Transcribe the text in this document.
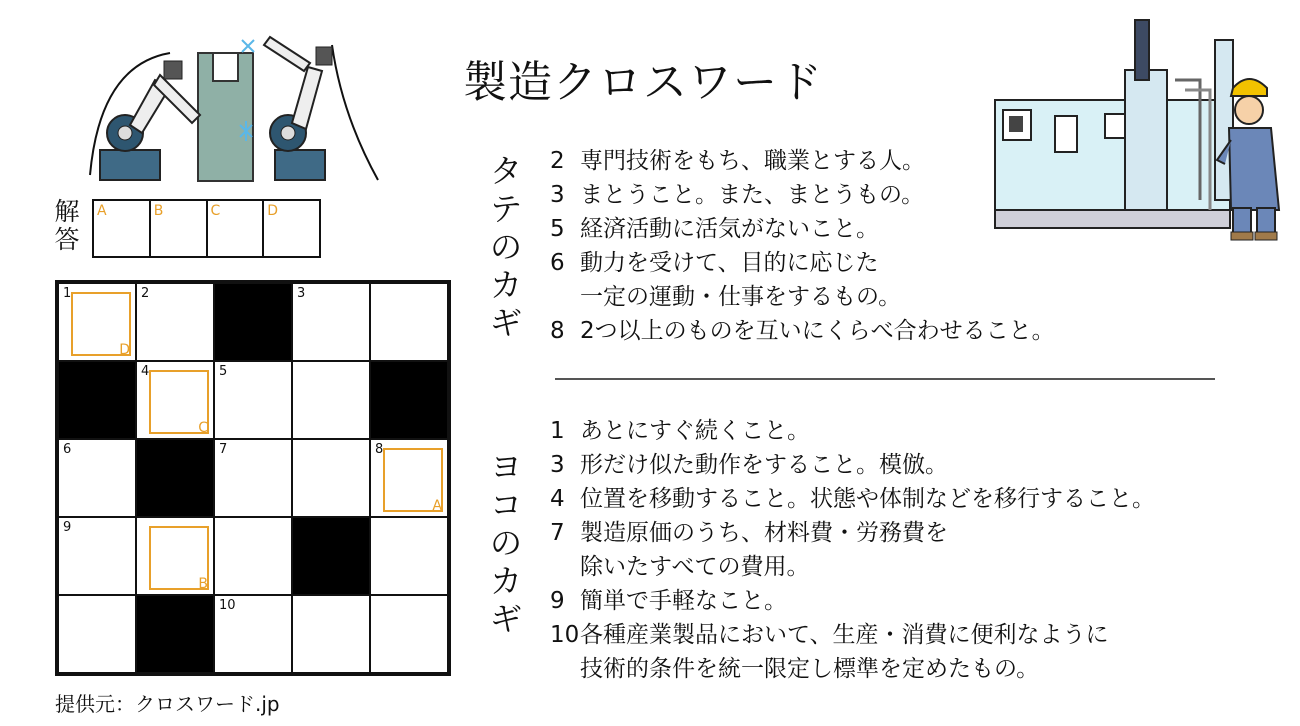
製造クロスワード
解
答
A	B	C	D
1
D
2	3
4
C
5
6	7	8
A
9
B
10
タ
テ
の
カ
ギ
2 専門技術をもち、職業とする人。
3 まとうこと。また、まとうもの。
5 経済活動に活気がないこと。
6 動力を受けて、目的に応じた
一定の運動・仕事をするもの。
8 2つ以上のものを互いにくらべ合わせること。
ヨ
コ
の
カ
ギ
1 あとにすぐ続くこと。
3 形だけ似た動作をすること。模倣。
4 位置を移動すること。状態や体制などを移行すること。
7 製造原価のうち、材料費・労務費を
除いたすべての費用。
9 簡単で手軽なこと。
10 各種産業製品において、生産・消費に便利なように
技術的条件を統一限定し標準を定めたもの。
提供元：クロスワード.jp
